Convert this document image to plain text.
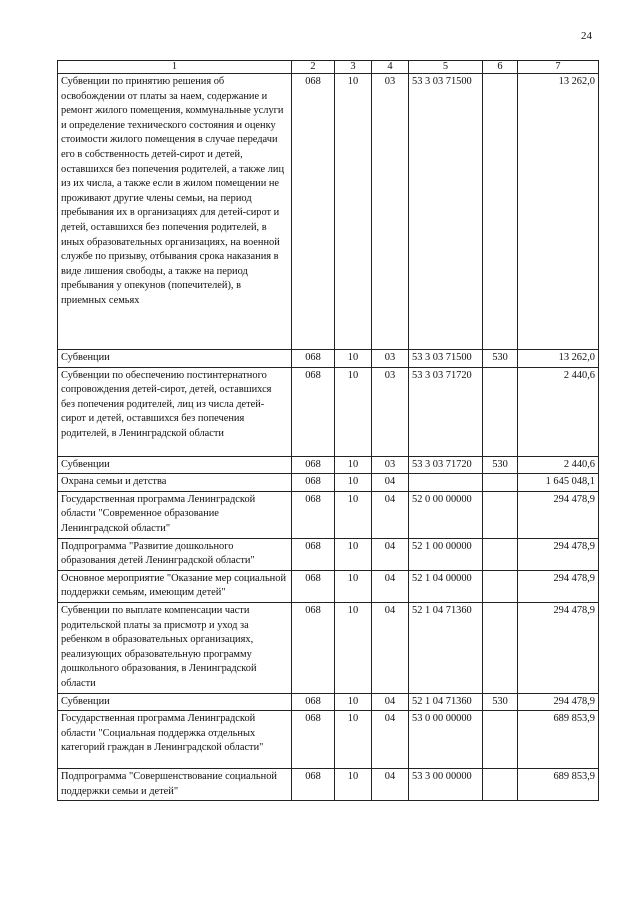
24
1	2	3	4	5	6	7
Субвенции по принятию решения об освобождении от платы за наем, содержание и ремонт жилого помещения, коммунальные услуги и определение технического состояния и оценку стоимости жилого помещения в случае передачи его в собственность детей-сирот и детей, оставшихся без попечения родителей, а также лиц из их числа, а также если в жилом помещении не проживают другие члены семьи, на период пребывания их в организациях для детей-сирот и детей, оставшихся без попечения родителей, в иных образовательных организациях, на военной службе по призыву, отбывания срока наказания в виде лишения свободы, а также на период пребывания у опекунов (попечителей), в приемных семьях	068	10	03	53 3 03 71500		13 262,0
Субвенции	068	10	03	53 3 03 71500	530	13 262,0
Субвенции по обеспечению постинтернатного сопровождения детей-сирот, детей, оставшихся без попечения родителей, лиц из числа детей-сирот и детей, оставшихся без попечения родителей, в Ленинградской области	068	10	03	53 3 03 71720		2 440,6
Субвенции	068	10	03	53 3 03 71720	530	2 440,6
Охрана семьи и детства	068	10	04			1 645 048,1
Государственная программа Ленинградской области "Современное образование Ленинградской области"	068	10	04	52 0 00 00000		294 478,9
Подпрограмма "Развитие дошкольного образования детей Ленинградской области"	068	10	04	52 1 00 00000		294 478,9
Основное мероприятие "Оказание мер социальной поддержки семьям, имеющим детей"	068	10	04	52 1 04 00000		294 478,9
Субвенции по выплате компенсации части родительской платы за присмотр и уход за ребенком в образовательных организациях, реализующих образовательную программу дошкольного образования, в Ленинградской области	068	10	04	52 1 04 71360		294 478,9
Субвенции	068	10	04	52 1 04 71360	530	294 478,9
Государственная программа Ленинградской области "Социальная поддержка отдельных категорий граждан в Ленинградской области"	068	10	04	53 0 00 00000		689 853,9
Подпрограмма "Совершенствование социальной поддержки семьи и детей"	068	10	04	53 3 00 00000		689 853,9
